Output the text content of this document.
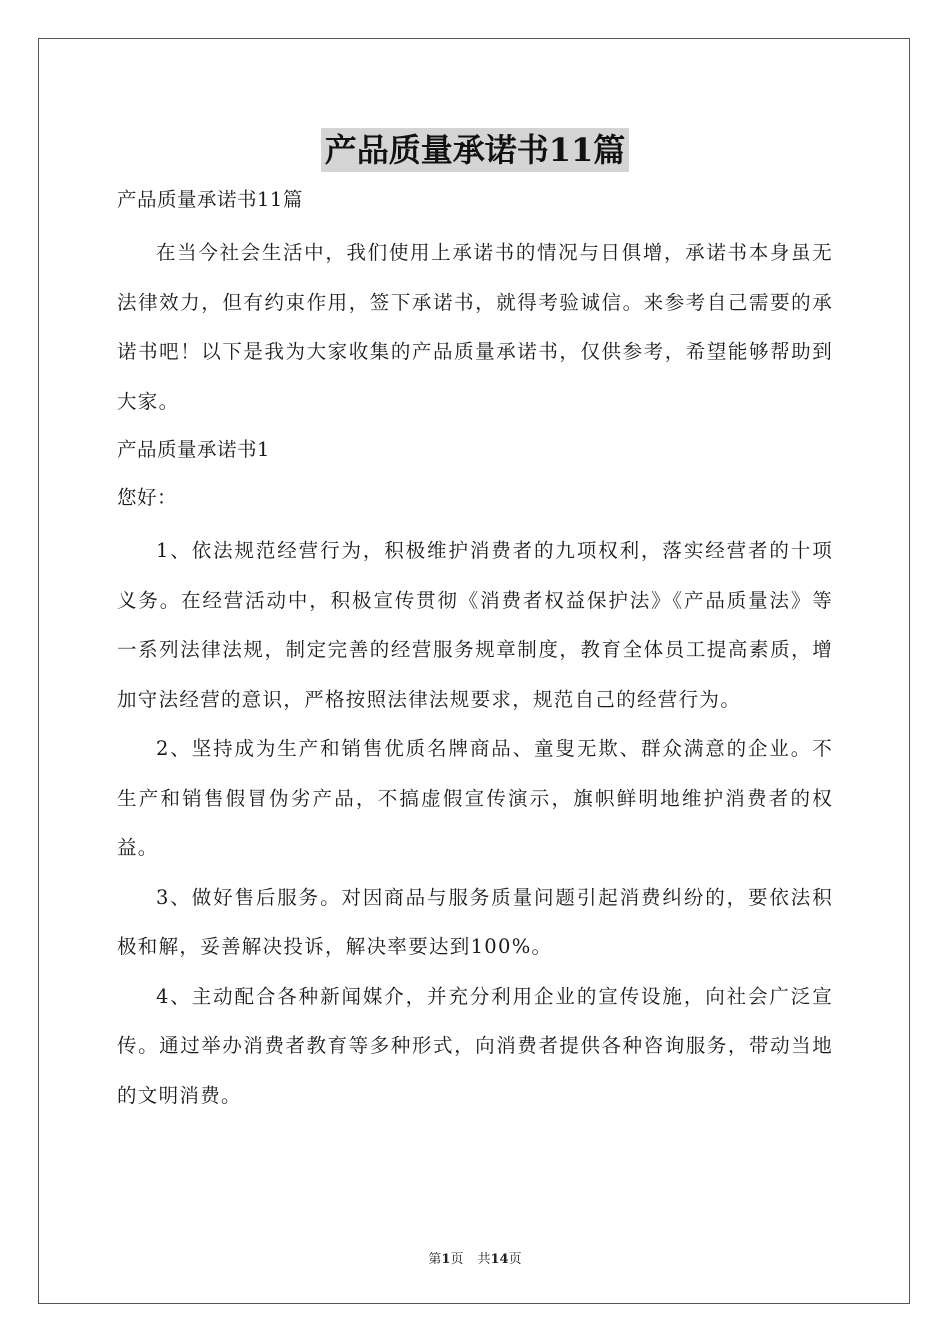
产品质量承诺书11篇

产品质量承诺书11篇

在当今社会生活中，我们使用上承诺书的情况与日俱增，承诺书本身虽无法律效力，但有约束作用，签下承诺书，就得考验诚信。来参考自己需要的承诺书吧！以下是我为大家收集的产品质量承诺书，仅供参考，希望能够帮助到大家。

产品质量承诺书1

您好：

1、依法规范经营行为，积极维护消费者的九项权利，落实经营者的十项义务。在经营活动中，积极宣传贯彻《消费者权益保护法》《产品质量法》等一系列法律法规，制定完善的经营服务规章制度，教育全体员工提高素质，增加守法经营的意识，严格按照法律法规要求，规范自己的经营行为。

2、坚持成为生产和销售优质名牌商品、童叟无欺、群众满意的企业。不生产和销售假冒伪劣产品，不搞虚假宣传演示，旗帜鲜明地维护消费者的权益。

3、做好售后服务。对因商品与服务质量问题引起消费纠纷的，要依法积极和解，妥善解决投诉，解决率要达到100%。

4、主动配合各种新闻媒介，并充分利用企业的宣传设施，向社会广泛宣传。通过举办消费者教育等多种形式，向消费者提供各种咨询服务，带动当地的文明消费。

第1页 共14页
